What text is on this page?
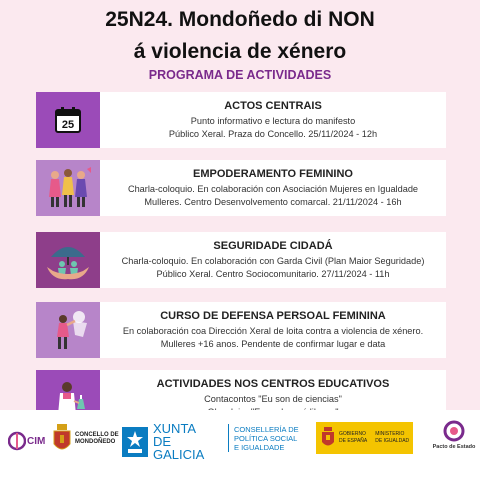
25N24. Mondoñedo di NON
á violencia de xénero
PROGRAMA DE ACTIVIDADES
25
ACTOS CENTRAIS
Punto informativo e lectura do manifesto
Público Xeral. Praza do Concello. 25/11/2024 - 12h
EMPODERAMENTO FEMININO
Charla-coloquio. En colaboración con Asociación Mujeres en Igualdade
Mulleres. Centro Desenvolvemento comarcal. 21/11/2024 - 16h
SEGURIDADE CIDADÁ
Charla-coloquio. En colaboración con Garda Civil (Plan Maior Seguridade)
Público Xeral. Centro Sociocomunitario. 27/11/2024 - 11h
CURSO DE DEFENSA PERSOAL FEMININA
En colaboración coa Dirección Xeral de loita contra a violencia de xénero.
Mulleres +16 anos. Pendente de confirmar lugar e data
ACTIVIDADES NOS CENTROS EDUCATIVOS
Contacontos "Eu son de ciencias"
CIM
CONCELLO DE
MONDOÑEDO
XUNTA DE GALICIA
CONSELLERÍA DE
POLÍTICA SOCIAL
E IGUALDADE
GOBIERNO
DE ESPAÑA
MINISTERIO
DE IGUALDAD
Pacto de Estado
